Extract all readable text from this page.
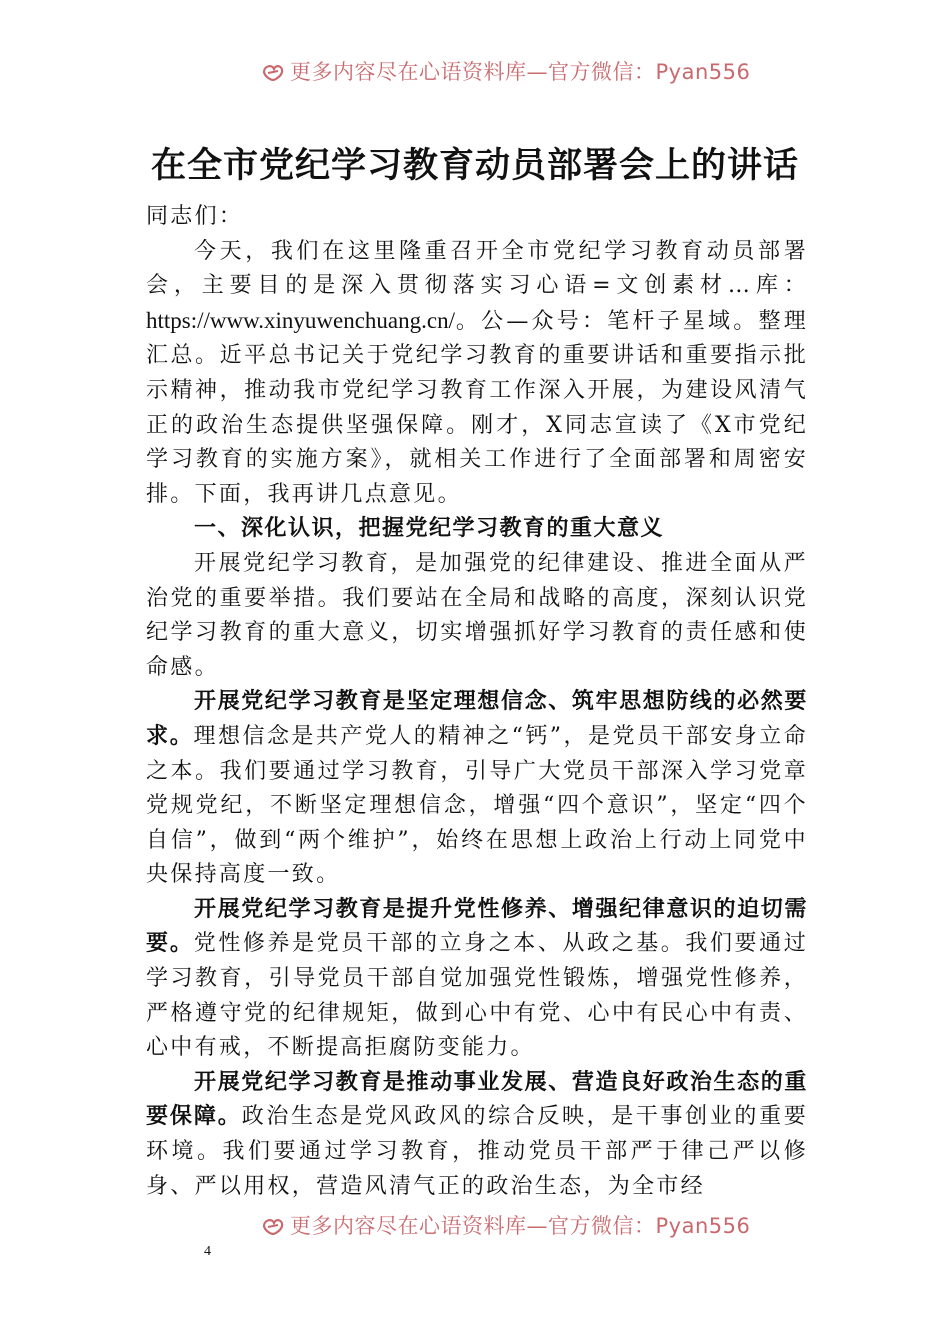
更多内容尽在心语资料库—官方微信：Pyan556
在全市党纪学习教育动员部署会上的讲话

同志们：

今天，我们在这里隆重召开全市党纪学习教育动员部署会，主要目的是深入贯彻落实习心语=文创素材…库：https://www.xinyuwenchuang.cn/。公—众号：笔杆子星域。整理汇总。近平总书记关于党纪学习教育的重要讲话和重要指示批示精神，推动我市党纪学习教育工作深入开展，为建设风清气正的政治生态提供坚强保障。刚才，X同志宣读了《X市党纪学习教育的实施方案》，就相关工作进行了全面部署和周密安排。下面，我再讲几点意见。

一、深化认识，把握党纪学习教育的重大意义

开展党纪学习教育，是加强党的纪律建设、推进全面从严治党的重要举措。我们要站在全局和战略的高度，深刻认识党纪学习教育的重大意义，切实增强抓好学习教育的责任感和使命感。

开展党纪学习教育是坚定理想信念、筑牢思想防线的必然要求。理想信念是共产党人的精神之“钙”，是党员干部安身立命之本。我们要通过学习教育，引导广大党员干部深入学习党章党规党纪，不断坚定理想信念，增强“四个意识”，坚定“四个自信”，做到“两个维护”，始终在思想上政治上行动上同党中央保持高度一致。

开展党纪学习教育是提升党性修养、增强纪律意识的迫切需要。党性修养是党员干部的立身之本、从政之基。我们要通过学习教育，引导党员干部自觉加强党性锻炼，增强党性修养，严格遵守党的纪律规矩，做到心中有党、心中有民心中有责、心中有戒，不断提高拒腐防变能力。

开展党纪学习教育是推动事业发展、营造良好政治生态的重要保障。政治生态是党风政风的综合反映，是干事创业的重要环境。我们要通过学习教育，推动党员干部严于律己严以修身、严以用权，营造风清气正的政治生态，为全市经

更多内容尽在心语资料库—官方微信：Pyan556
4
